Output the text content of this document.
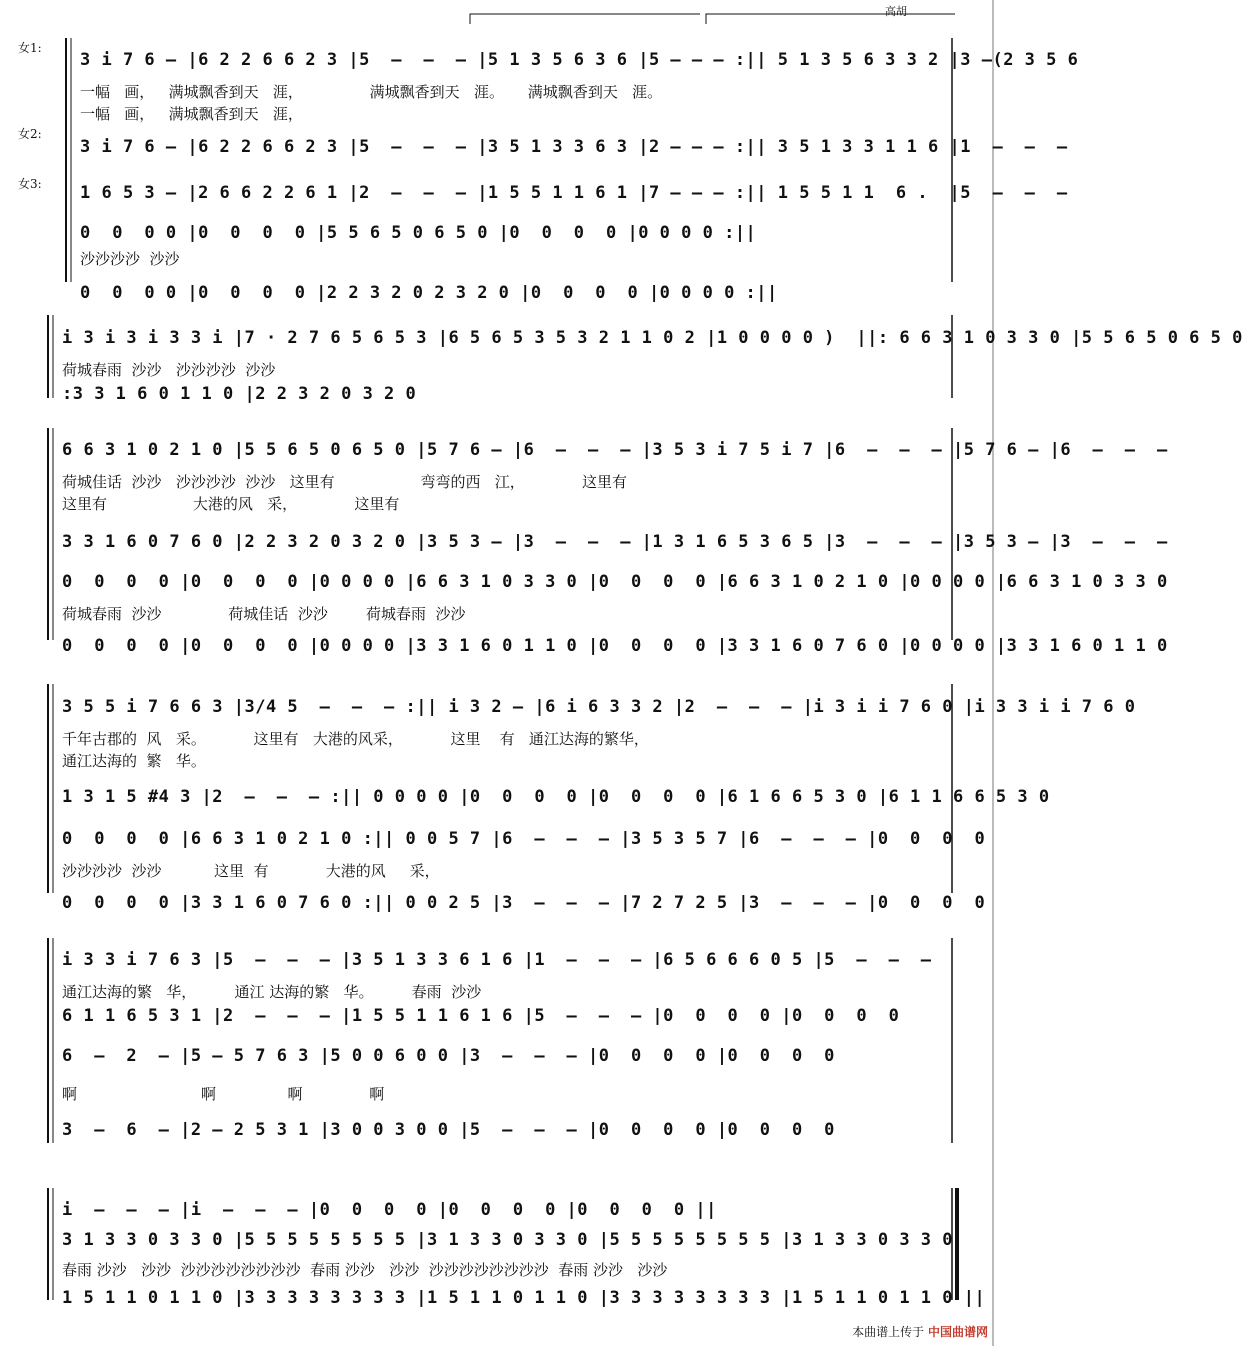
女1:
女2:
女3:
高胡
3 i 7 6 – |6 2 2 6 6 2 3 |5  –  –  – |5 1 3 5 6 3 6 |5 – – – :|| 5 1 3 5 6 3 3 2 |3 –(2 3 5 6
一幅   画，   满城飘香到天   涯，              满城飘香到天   涯。     满城飘香到天   涯。
一幅   画，   满城飘香到天   涯，
3 i 7 6 – |6 2 2 6 6 2 3 |5  –  –  – |3 5 1 3 3 6 3 |2 – – – :|| 3 5 1 3 3 1 1 6 |1  –  –  –
1 6 5 3 – |2 6 6 2 2 6 1 |2  –  –  – |1 5 5 1 1 6 1 |7 – – – :|| 1 5 5 1 1  6 .  |5  –  –  –
0  0  0 0 |0  0  0  0 |5 5 6 5 0 6 5 0 |0  0  0  0 |0 0 0 0 :||
沙沙沙沙  沙沙
0  0  0 0 |0  0  0  0 |2 2 3 2 0 2 3 2 0 |0  0  0  0 |0 0 0 0 :||
i 3 i 3 i 3 3 i |7 · 2 7 6 5 6 5 3 |6 5 6 5 3 5 3 2 1 1 0 2 |1 0 0 0 0 )  ||: 6 6 3 1 0 3 3 0 |5 5 6 5 0 6 5 0
荷城春雨  沙沙   沙沙沙沙  沙沙
:3 3 1 6 0 1 1 0 |2 2 3 2 0 3 2 0
6 6 3 1 0 2 1 0 |5 5 6 5 0 6 5 0 |5 7 6 – |6  –  –  – |3 5 3 i 7 5 i 7 |6  –  –  – |5 7 6 – |6  –  –  –
荷城佳话  沙沙   沙沙沙沙  沙沙   这里有                  弯弯的西   江，            这里有
这里有                  大港的风   采，            这里有
3 3 1 6 0 7 6 0 |2 2 3 2 0 3 2 0 |3 5 3 – |3  –  –  – |1 3 1 6 5 3 6 5 |3  –  –  – |3 5 3 – |3  –  –  –
0  0  0  0 |0  0  0  0 |0 0 0 0 |6 6 3 1 0 3 3 0 |0  0  0  0 |6 6 3 1 0 2 1 0 |0 0 0 0 |6 6 3 1 0 3 3 0
荷城春雨  沙沙              荷城佳话  沙沙        荷城春雨  沙沙
0  0  0  0 |0  0  0  0 |0 0 0 0 |3 3 1 6 0 1 1 0 |0  0  0  0 |3 3 1 6 0 7 6 0 |0 0 0 0 |3 3 1 6 0 1 1 0
3 5 5 i 7 6 6 3 |3/4 5  –  –  – :|| i 3 2 – |6 i 6 3 3 2 |2  –  –  – |i 3 i i 7 6 0 |i 3 3 i i 7 6 0
千年古郡的  风   采。          这里有   大港的风采，          这里    有   通江达海的繁华，
通江达海的  繁   华。
1 3 1 5 #4 3 |2  –  –  – :|| 0 0 0 0 |0  0  0  0 |0  0  0  0 |6 1 6 6 5 3 0 |6 1 1 6 6 5 3 0
0  0  0  0 |6 6 3 1 0 2 1 0 :|| 0 0 5 7 |6  –  –  – |3 5 3 5 7 |6  –  –  – |0  0  0  0
沙沙沙沙  沙沙           这里  有            大港的风     采，
0  0  0  0 |3 3 1 6 0 7 6 0 :|| 0 0 2 5 |3  –  –  – |7 2 7 2 5 |3  –  –  – |0  0  0  0
i 3 3 i 7 6 3 |5  –  –  – |3 5 1 3 3 6 1 6 |1  –  –  – |6 5 6 6 6 0 5 |5  –  –  –
通江达海的繁   华，        通江 达海的繁   华。        春雨  沙沙
6 1 1 6 5 3 1 |2  –  –  – |1 5 5 1 1 6 1 6 |5  –  –  – |0  0  0  0 |0  0  0  0
6  –  2  – |5 – 5 7 6 3 |5 0 0 6 0 0 |3  –  –  – |0  0  0  0 |0  0  0  0
啊                          啊               啊              啊
3  –  6  – |2 – 2 5 3 1 |3 0 0 3 0 0 |5  –  –  – |0  0  0  0 |0  0  0  0
i  –  –  – |i  –  –  – |0  0  0  0 |0  0  0  0 |0  0  0  0 ||
3 1 3 3 0 3 3 0 |5 5 5 5 5 5 5 5 |3 1 3 3 0 3 3 0 |5 5 5 5 5 5 5 5 |3 1 3 3 0 3 3 0
春雨 沙沙   沙沙  沙沙沙沙沙沙沙沙  春雨 沙沙   沙沙  沙沙沙沙沙沙沙沙  春雨 沙沙   沙沙
1 5 1 1 0 1 1 0 |3 3 3 3 3 3 3 3 |1 5 1 1 0 1 1 0 |3 3 3 3 3 3 3 3 |1 5 1 1 0 1 1 0 ||
本曲谱上传于 中国曲谱网
